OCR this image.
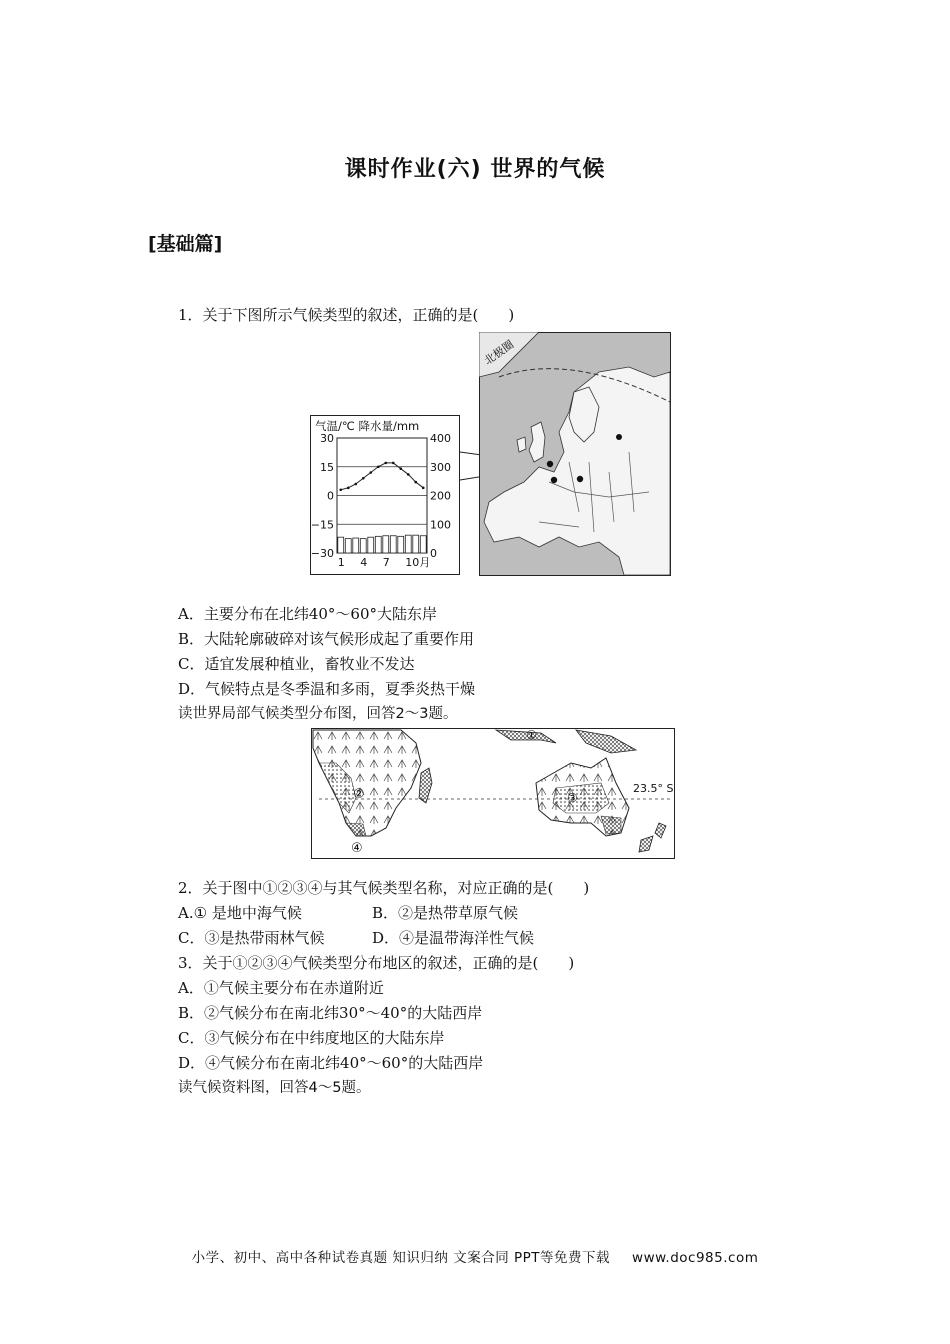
课时作业(六) 世界的气候
[基础篇]
1．关于下图所示气候类型的叙述，正确的是(　　)
气温/℃ 降水量/mm
30
15
0
−15
−30
400
300
200
100
0
1 4 7 10月
北极圈
A．主要分布在北纬40°～60°大陆东岸
B．大陆轮廓破碎对该气候形成起了重要作用
C．适宜发展种植业，畜牧业不发达
D．气候特点是冬季温和多雨，夏季炎热干燥
读世界局部气候类型分布图，回答2～3题。
②
④
①
③
23.5° S
2．关于图中①②③④与其气候类型名称，对应正确的是(　　)
A.① 是地中海气候	B．②是热带草原气候
C．③是热带雨林气候	D．④是温带海洋性气候
3．关于①②③④气候类型分布地区的叙述，正确的是(　　)
A．①气候主要分布在赤道附近
B．②气候分布在南北纬30°～40°的大陆西岸
C．③气候分布在中纬度地区的大陆东岸
D．④气候分布在南北纬40°～60°的大陆西岸
读气候资料图，回答4～5题。
小学、初中、高中各种试卷真题 知识归纳 文案合同 PPT等免费下载 www.doc985.com
